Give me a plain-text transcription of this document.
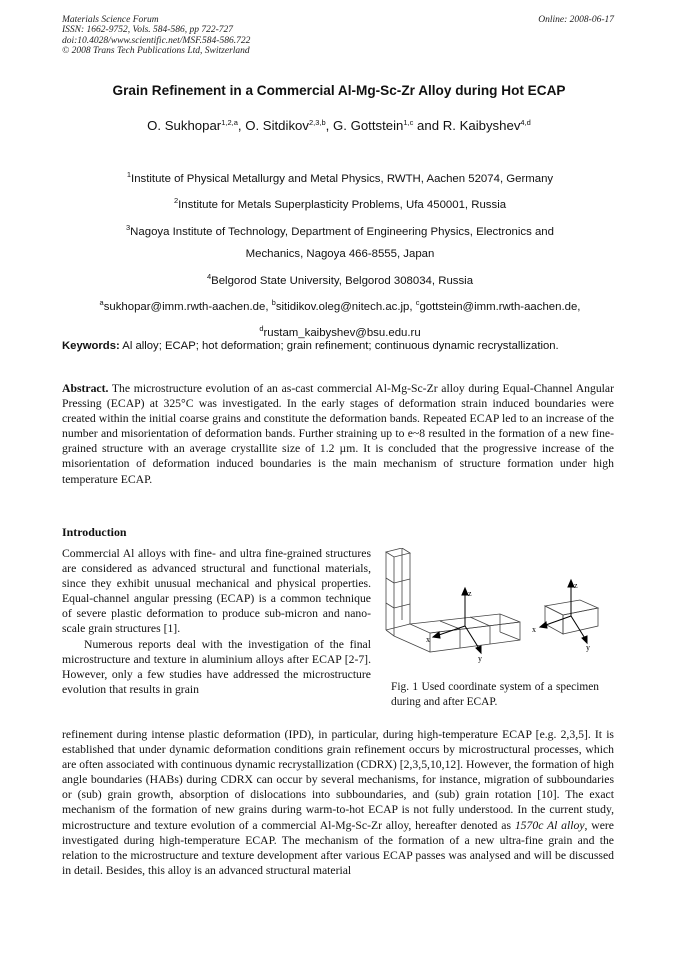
Materials Science Forum
ISSN: 1662-9752, Vols. 584-586, pp 722-727
doi:10.4028/www.scientific.net/MSF.584-586.722
© 2008 Trans Tech Publications Ltd, Switzerland
Online: 2008-06-17
Grain Refinement in a Commercial Al-Mg-Sc-Zr Alloy during Hot ECAP
O. Sukhopar$^{1,2,a}$, O. Sitdikov$^{2,3,b}$, G. Gottstein$^{1,c}$ and R. Kaibyshev$^{4,d}$
$^1$Institute of Physical Metallurgy and Metal Physics, RWTH, Aachen 52074, Germany
$^2$Institute for Metals Superplasticity Problems, Ufa 450001, Russia
$^3$Nagoya Institute of Technology, Department of Engineering Physics, Electronics and
Mechanics, Nagoya 466-8555, Japan
$^4$Belgorod State University, Belgorod 308034, Russia
$^a$sukhopar@imm.rwth-aachen.de, $^b$sitidikov.oleg@nitech.ac.jp, $^c$gottstein@imm.rwth-aachen.de,
$^d$rustam_kaibyshev@bsu.edu.ru
Keywords: Al alloy; ECAP; hot deformation; grain refinement; continuous dynamic recrystallization.

Abstract. The microstructure evolution of an as-cast commercial Al-Mg-Sc-Zr alloy during Equal-Channel Angular Pressing (ECAP) at 325°C was investigated. In the early stages of deformation strain induced boundaries were created within the initial coarse grains and constitute the deformation bands. Repeated ECAP led to an increase of the number and misorientation of deformation bands. Further straining up to e~8 resulted in the formation of a new fine-grained structure with an average crystallite size of 1.2 µm. It is concluded that the progressive increase of the misorientation of deformation induced boundaries is the main mechanism of structure formation under high temperature ECAP.

Introduction

Commercial Al alloys with fine- and ultra fine-grained structures are considered as advanced structural and functional materials, since they exhibit unusual mechanical and physical properties. Equal-channel angular pressing (ECAP) is a common technique of severe plastic deformation to produce sub-micron and nano-scale grain structures [1].

Numerous reports deal with the investigation of the final microstructure and texture in aluminium alloys after ECAP [2-7]. However, only a few studies have addressed the microstructure evolution that results in grain

z
x
y
z
x
y

Fig. 1 Used coordinate system of a specimen during and after ECAP.

refinement during intense plastic deformation (IPD), in particular, during high-temperature ECAP [e.g. 2,3,5]. It is established that under dynamic deformation conditions grain refinement occurs by microstructural processes, which are often associated with continuous dynamic recrystallization (CDRX) [2,3,5,10,12]. However, the formation of high angle boundaries (HABs) during CDRX can occur by several mechanisms, for instance, migration of subboundaries or (sub) grain growth, absorption of dislocations into subboundaries, and (sub) grain rotation [10]. The exact mechanism of the formation of new grains during warm-to-hot ECAP is not fully understood. In the current study, microstructure and texture evolution of a commercial Al-Mg-Sc-Zr alloy, hereafter denoted as 1570c Al alloy, were investigated during high-temperature ECAP. The mechanism of the formation of a new ultra-fine grain and the relation to the microstructure and texture development after various ECAP passes was analysed and will be discussed in detail. Besides, this alloy is an advanced structural material
